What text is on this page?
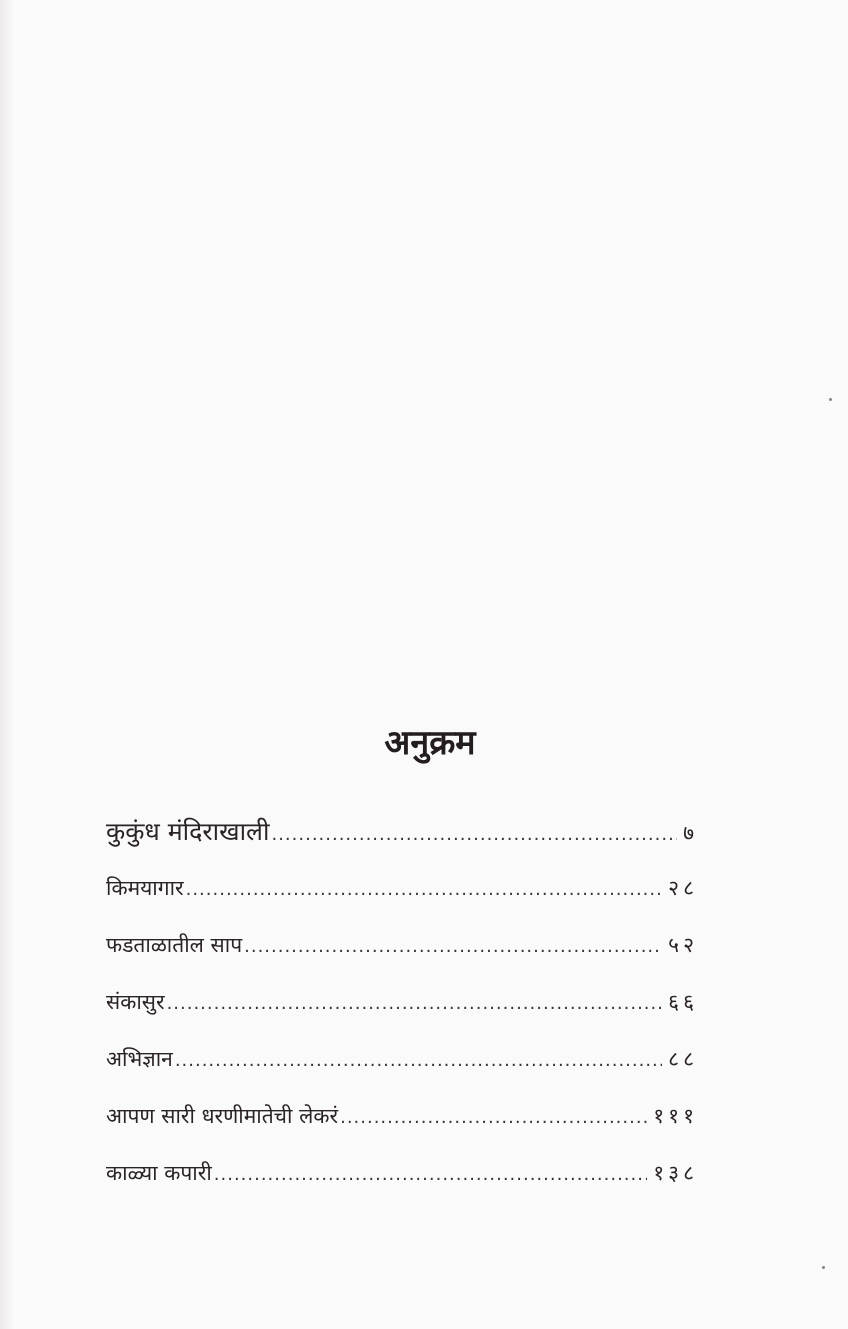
अनुक्रम
कुकुंध मंदिराखाली .....	७
किमयागार .....	२८
फडताळातील साप .....	५२
संकासुर .....	६६
अभिज्ञान .....	८८
आपण सारी धरणीमातेची लेकरं .....	१११
काळ्या कपारी .....	१३८
